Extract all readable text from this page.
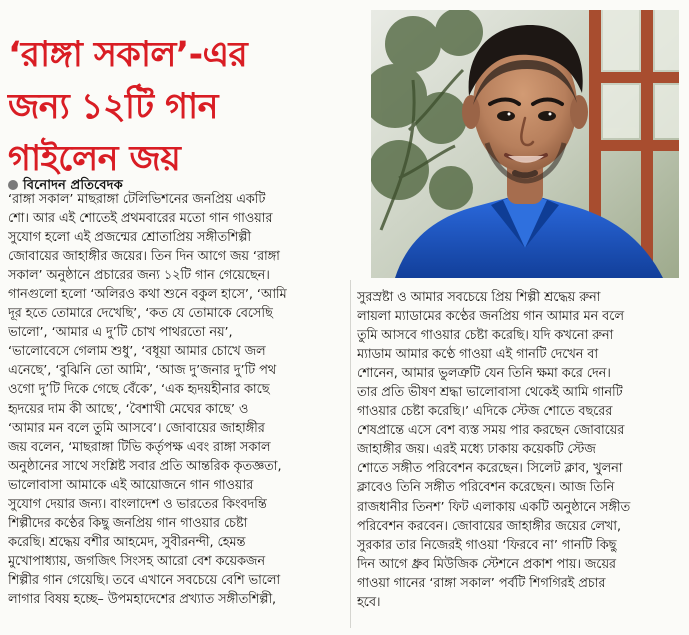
‘রাঙ্গা সকাল’-এর
জন্য ১২টি গান
গাইলেন জয়
বিনোদন প্রতিবেদক
‘রাঙ্গা সকাল’ মাছরাঙ্গা টেলিভিশনের জনপ্রিয় একটি
শো। আর এই শোতেই প্রথমবারের মতো গান গাওয়ার
সুযোগ হলো এই প্রজন্মের শ্রোতাপ্রিয় সঙ্গীতশিল্পী
জোবায়ের জাহাঙ্গীর জয়ের। তিন দিন আগে জয় ‘রাঙ্গা
সকাল’ অনুষ্ঠানে প্রচারের জন্য ১২টি গান গেয়েছেন।
গানগুলো হলো ‘অলিরও কথা শুনে বকুল হাসে’, ‘আমি
দূর হতে তোমারে দেখেছি’, ‘কত যে তোমাকে বেসেছি
ভালো’, ‘আমার এ দু’টি চোখ পাথরতো নয়’,
‘ভালোবেসে গেলাম শুধু’, ‘বধূয়া আমার চোখে জল
এনেছে’, ‘বুঝিনি তো আমি’, ‘আজ দু’জনার দু’টি পথ
ওগো দু’টি দিকে গেছে বেঁকে’, ‘এক হৃদয়হীনার কাছে
হৃদয়ের দাম কী আছে’, ‘বৈশাখী মেঘের কাছে’ ও
‘আমার মন বলে তুমি আসবে’। জোবায়ের জাহাঙ্গীর
জয় বলেন, ‘মাছরাঙ্গা টিভি কর্তৃপক্ষ এবং রাঙ্গা সকাল
অনুষ্ঠানের সাথে সংশ্লিষ্ট সবার প্রতি আন্তরিক কৃতজ্ঞতা,
ভালোবাসা আমাকে এই আয়োজনে গান গাওয়ার
সুযোগ দেয়ার জন্য। বাংলাদেশ ও ভারতের কিংবদন্তি
শিল্পীদের কণ্ঠের কিছু জনপ্রিয় গান গাওয়ার চেষ্টা
করেছি। শ্রদ্ধেয় বশীর আহমেদ, সুবীরনন্দী, হেমন্ত
মুখোপাধ্যায়, জগজিৎ সিংসহ আরো বেশ কয়েকজন
শিল্পীর গান গেয়েছি। তবে এখানে সবচেয়ে বেশি ভালো
লাগার বিষয় হচ্ছে– উপমহাদেশের প্রখ্যাত সঙ্গীতশিল্পী,
সুরস্রষ্টা ও আমার সবচেয়ে প্রিয় শিল্পী শ্রদ্ধেয় রুনা
লায়লা ম্যাডামের কণ্ঠের জনপ্রিয় গান আমার মন বলে
তুমি আসবে গাওয়ার চেষ্টা করেছি। যদি কখনো রুনা
ম্যাডাম আমার কণ্ঠে গাওয়া এই গানটি দেখেন বা
শোনেন, আমার ভুলত্রুটি যেন তিনি ক্ষমা করে দেন।
তার প্রতি ভীষণ শ্রদ্ধা ভালোবাসা থেকেই আমি গানটি
গাওয়ার চেষ্টা করেছি।’ এদিকে স্টেজ শোতে বছরের
শেষপ্রান্তে এসে বেশ ব্যস্ত সময় পার করছেন জোবায়ের
জাহাঙ্গীর জয়। এরই মধ্যে ঢাকায় কয়েকটি স্টেজ
শোতে সঙ্গীত পরিবেশন করেছেন। সিলেট ক্লাব, খুলনা
ক্লাবেও তিনি সঙ্গীত পরিবেশন করেছেন। আজ তিনি
রাজধানীর তিনশ’ ফিট এলাকায় একটি অনুষ্ঠানে সঙ্গীত
পরিবেশন করবেন। জোবায়ের জাহাঙ্গীর জয়ের লেখা,
সুরকার তার নিজেরই গাওয়া ‘ফিরবে না’ গানটি কিছু
দিন আগে ধ্রুব মিউজিক স্টেশনে প্রকাশ পায়। জয়ের
গাওয়া গানের ‘রাঙ্গা সকাল’ পর্বটি শিগগিরই প্রচার
হবে।
